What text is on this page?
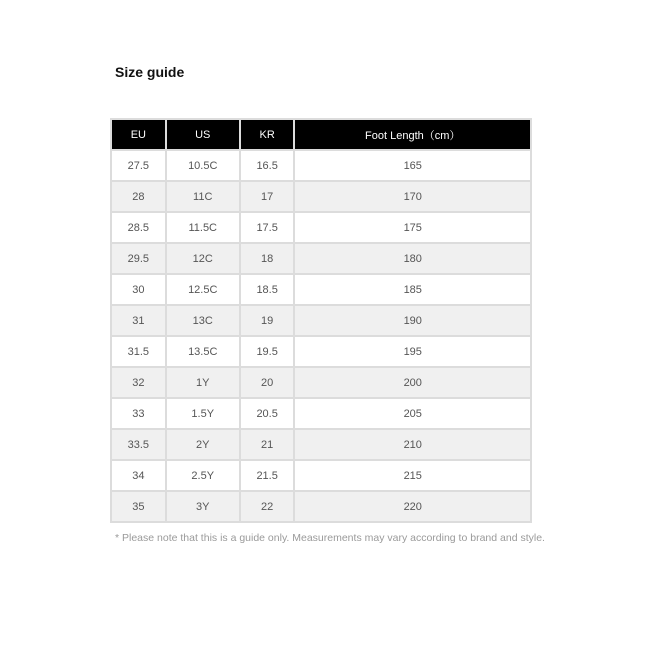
Size guide
EU	US	KR	Foot Length（cm）
27.5	10.5C	16.5	165
28	11C	17	170
28.5	11.5C	17.5	175
29.5	12C	18	180
30	12.5C	18.5	185
31	13C	19	190
31.5	13.5C	19.5	195
32	1Y	20	200
33	1.5Y	20.5	205
33.5	2Y	21	210
34	2.5Y	21.5	215
35	3Y	22	220
* Please note that this is a guide only. Measurements may vary according to brand and style.
